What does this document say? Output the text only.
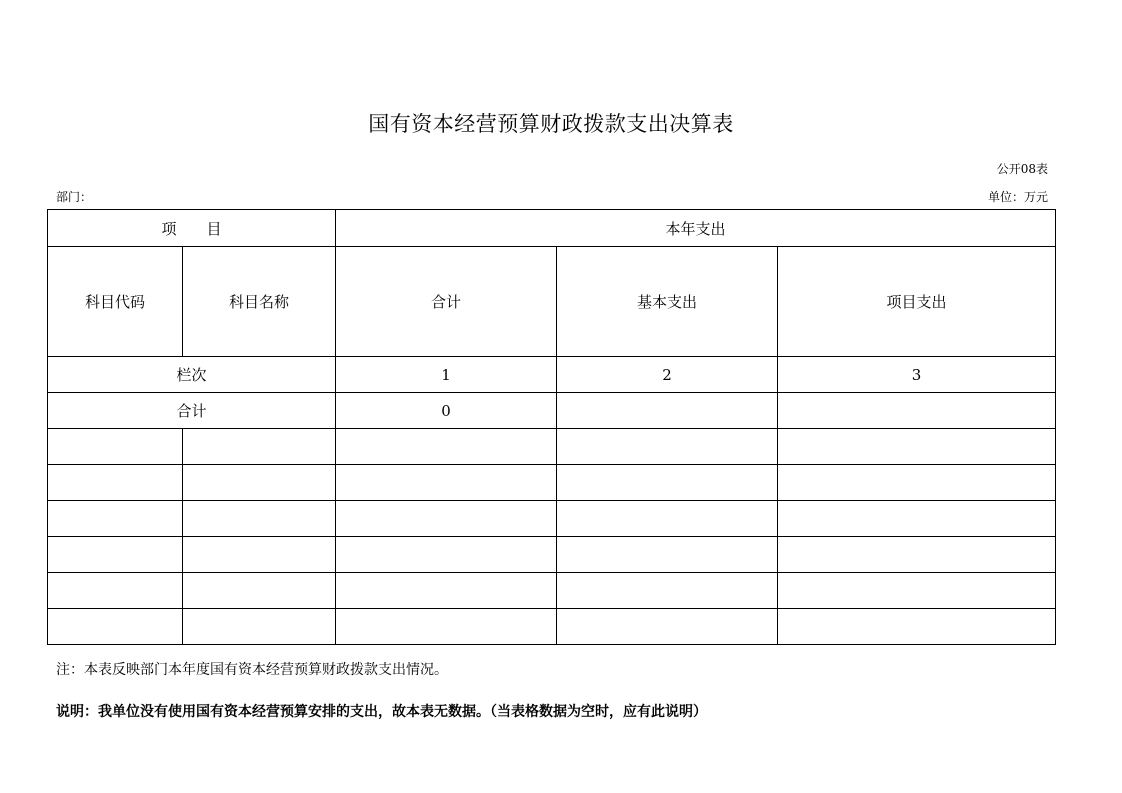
国有资本经营预算财政拨款支出决算表
公开08表
部门：	单位：万元
项　　目		本年支出		
科目代码	科目名称	合计	基本支出	项目支出
栏次		1	2	3
合计		0		

注：本表反映部门本年度国有资本经营预算财政拨款支出情况。
说明：我单位没有使用国有资本经营预算安排的支出，故本表无数据。（当表格数据为空时，应有此说明）
